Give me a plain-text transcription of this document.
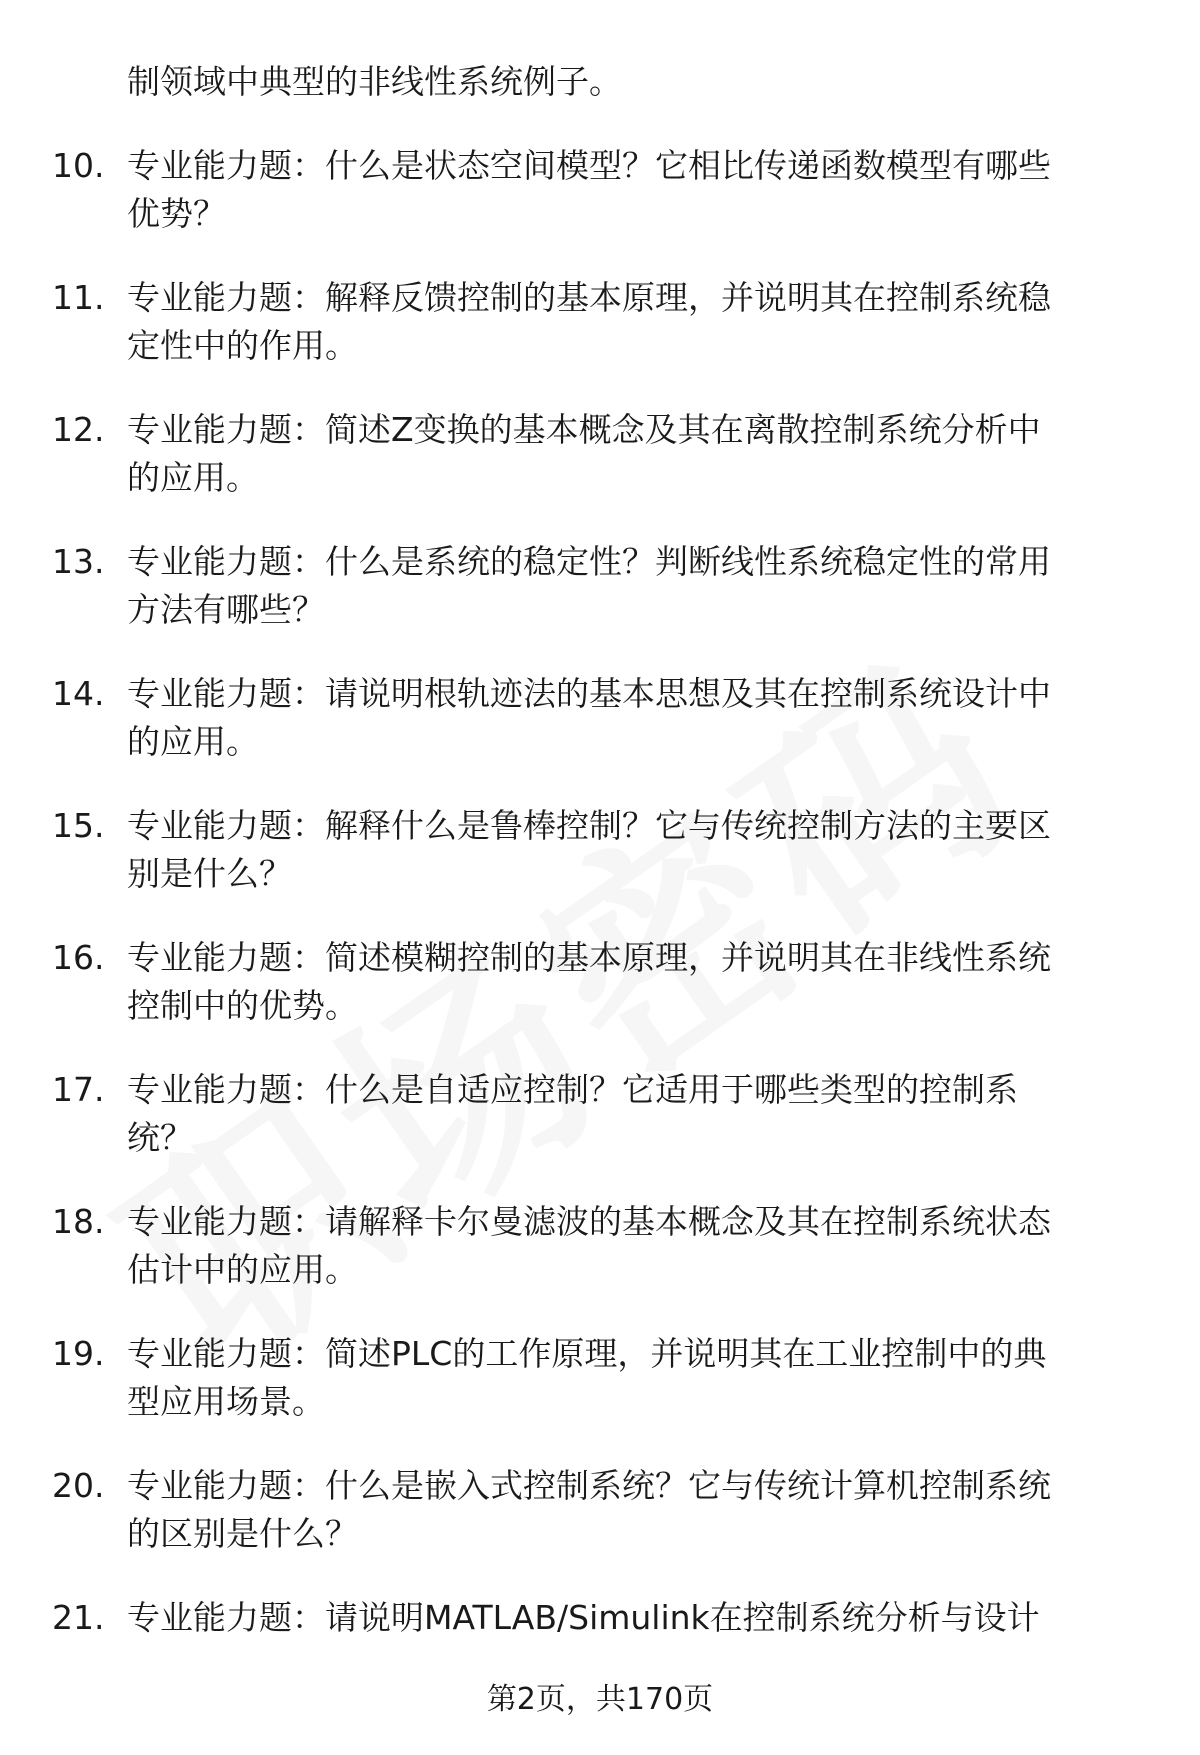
制领域中典型的非线性系统例子。
10. 专业能力题：什么是状态空间模型？它相比传递函数模型有哪些
优势？
11. 专业能力题：解释反馈控制的基本原理，并说明其在控制系统稳
定性中的作用。
12. 专业能力题：简述Z变换的基本概念及其在离散控制系统分析中
的应用。
13. 专业能力题：什么是系统的稳定性？判断线性系统稳定性的常用
方法有哪些？
14. 专业能力题：请说明根轨迹法的基本思想及其在控制系统设计中
的应用。
15. 专业能力题：解释什么是鲁棒控制？它与传统控制方法的主要区
别是什么？
16. 专业能力题：简述模糊控制的基本原理，并说明其在非线性系统
控制中的优势。
17. 专业能力题：什么是自适应控制？它适用于哪些类型的控制系
统？
18. 专业能力题：请解释卡尔曼滤波的基本概念及其在控制系统状态
估计中的应用。
19. 专业能力题：简述PLC的工作原理，并说明其在工业控制中的典
型应用场景。
20. 专业能力题：什么是嵌入式控制系统？它与传统计算机控制系统
的区别是什么？
21. 专业能力题：请说明MATLAB/Simulink在控制系统分析与设计
第2页，共170页
